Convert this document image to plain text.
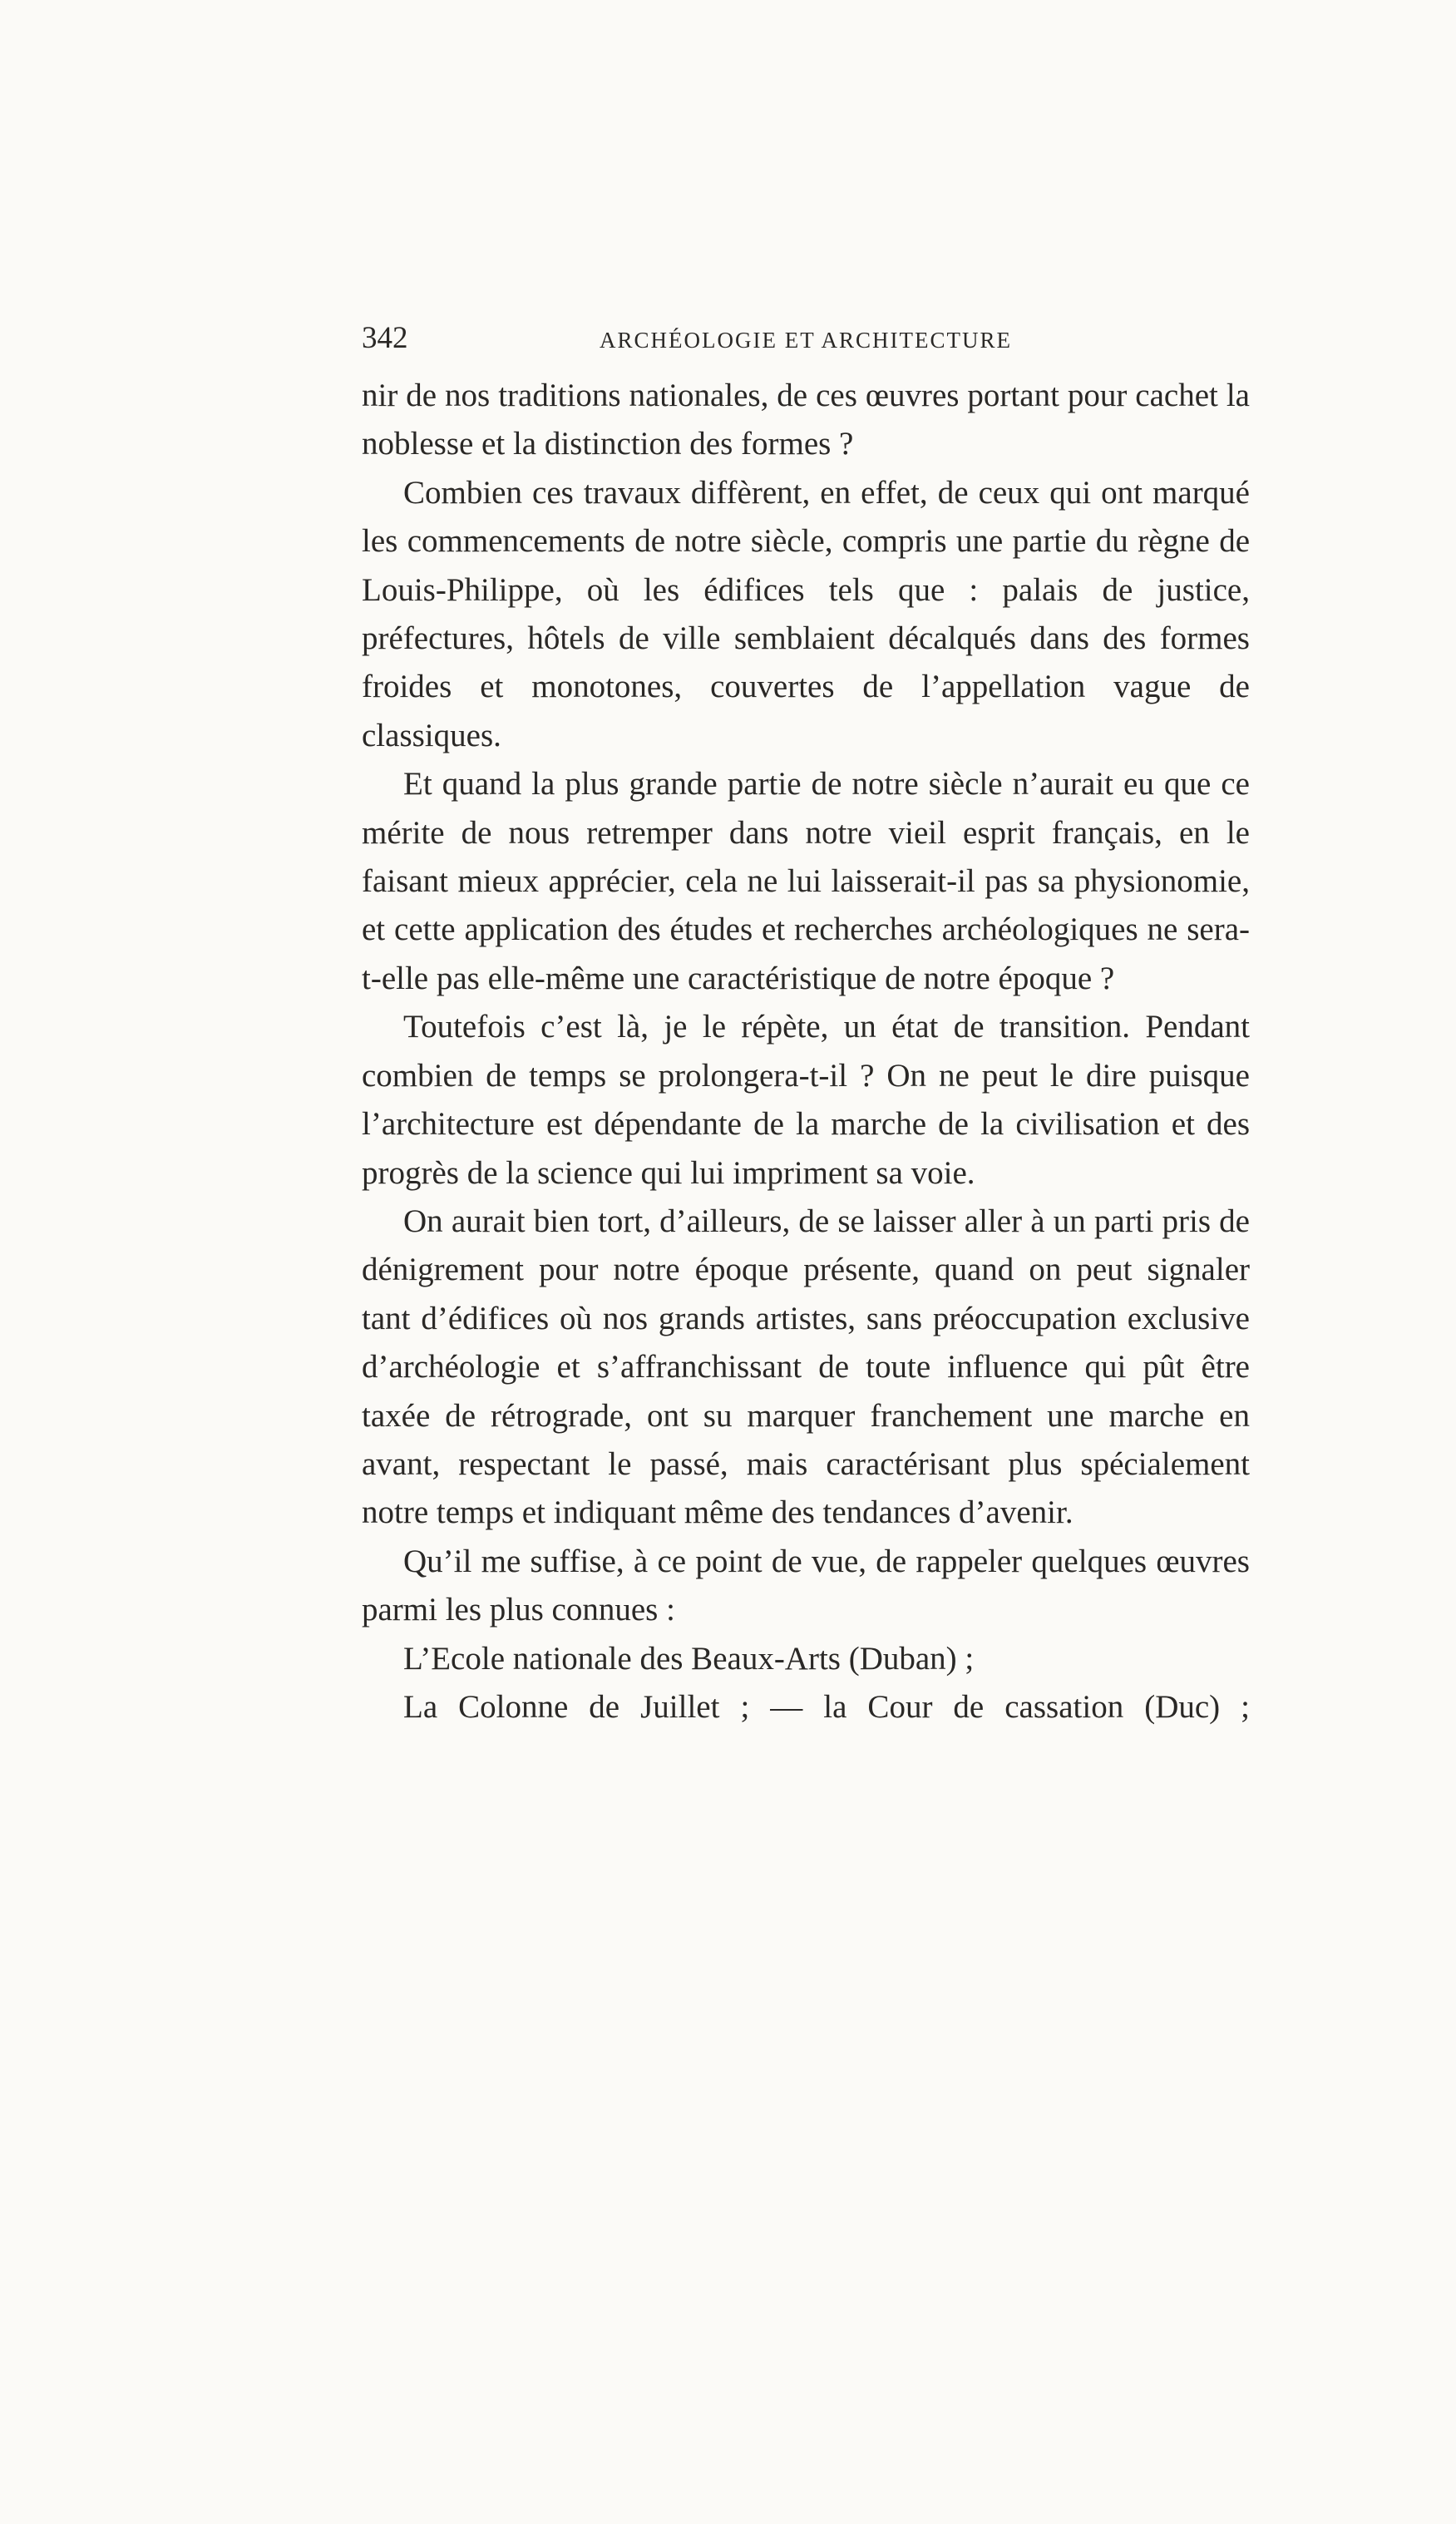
342	ARCHÉOLOGIE ET ARCHITECTURE

nir de nos traditions nationales, de ces œuvres portant pour cachet la noblesse et la distinction des formes ?

Combien ces travaux diffèrent, en effet, de ceux qui ont marqué les commencements de notre siècle, compris une partie du règne de Louis-Philippe, où les édifices tels que : palais de justice, préfectures, hôtels de ville semblaient décalqués dans des formes froides et monotones, couvertes de l’appellation vague de classiques.

Et quand la plus grande partie de notre siècle n’aurait eu que ce mérite de nous retremper dans notre vieil esprit français, en le faisant mieux apprécier, cela ne lui laisserait-il pas sa physionomie, et cette application des études et recherches archéologiques ne sera-t-elle pas elle-même une caractéristique de notre époque ?

Toutefois c’est là, je le répète, un état de transition. Pendant combien de temps se prolongera-t-il ? On ne peut le dire puisque l’architecture est dépendante de la marche de la civilisation et des progrès de la science qui lui impriment sa voie.

On aurait bien tort, d’ailleurs, de se laisser aller à un parti pris de dénigrement pour notre époque présente, quand on peut signaler tant d’édifices où nos grands artistes, sans préoccupation exclusive d’archéologie et s’affranchissant de toute influence qui pût être taxée de rétrograde, ont su marquer franchement une marche en avant, respectant le passé, mais caractérisant plus spécialement notre temps et indiquant même des tendances d’avenir.

Qu’il me suffise, à ce point de vue, de rappeler quelques œuvres parmi les plus connues :

L’Ecole nationale des Beaux-Arts (Duban) ;

La Colonne de Juillet ; — la Cour de cassation (Duc) ;
